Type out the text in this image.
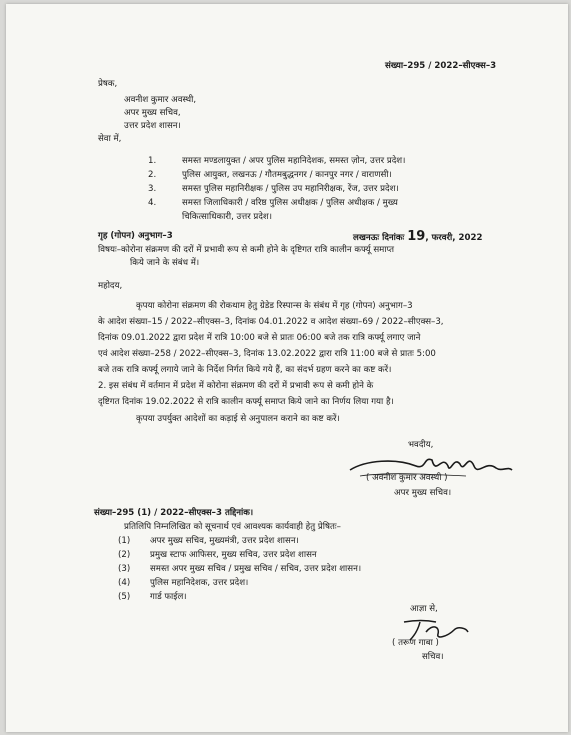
संख्या–295 / 2022–सीएक्स–3
प्रेषक,
अवनीश कुमार अवस्थी,
अपर मुख्य सचिव,
उत्तर प्रदेश शासन।
सेवा में,
1.	समस्त मण्डलायुक्त / अपर पुलिस महानिदेशक, समस्त ज़ोन, उत्तर प्रदेश।
2.	पुलिस आयुक्त, लखनऊ / गौतमबुद्धनगर / कानपुर नगर / वाराणसी।
3.	समस्त पुलिस महानिरीक्षक / पुलिस उप महानिरीक्षक, रेंज, उत्तर प्रदेश।
4.	समस्त जिलाधिकारी / वरिष्ठ पुलिस अधीक्षक / पुलिस अधीक्षक / मुख्य
चिकित्साधिकारी, उत्तर प्रदेश।
गृह (गोपन) अनुभाग–3	लखनऊः दिनांकः 19, फरवरी, 2022
विषयः–कोरोना संक्रमण की दरों में प्रभावी रूप से कमी होने के दृष्टिगत रात्रि कालीन कर्फ्यू समाप्त
किये जाने के संबंध में।
महोदय,
कृपया कोरोना संक्रमण की रोकथाम हेतु ग्रेडेड रिस्पान्स के संबंध में गृह (गोपन) अनुभाग–3
के आदेश संख्या–15 / 2022–सीएक्स–3, दिनांक 04.01.2022 व आदेश संख्या–69 / 2022–सीएक्स–3,
दिनांक 09.01.2022 द्वारा प्रदेश में रात्रि 10:00 बजे से प्रातः 06:00 बजे तक रात्रि कर्फ्यू लगाए जाने
एवं आदेश संख्या–258 / 2022–सीएक्स–3, दिनांक 13.02.2022 द्वारा रात्रि 11:00 बजे से प्रातः 5:00
बजे तक रात्रि कर्फ्यू लगाये जाने के निर्देश निर्गत किये गये हैं, का संदर्भ ग्रहण करने का कष्ट करें।
2. इस संबंध में वर्तमान में प्रदेश में कोरोना संक्रमण की दरों में प्रभावी रूप से कमी होने के
दृष्टिगत दिनांक 19.02.2022 से रात्रि कालीन कर्फ्यू समाप्त किये जाने का निर्णय लिया गया है।
कृपया उपर्युक्त आदेशों का कड़ाई से अनुपालन कराने का कष्ट करें।
भवदीय,
( अवनीश कुमार अवस्थी )
अपर मुख्य सचिव।
संख्या–295 (1) / 2022–सीएक्स–3 तद्दिनांक।
प्रतिलिपि निम्नलिखित को सूचनार्थ एवं आवश्यक कार्यवाही हेतु प्रेषितः–
(1) अपर मुख्य सचिव, मुख्यमंत्री, उत्तर प्रदेश शासन।
(2) प्रमुख स्टाफ आफिसर, मुख्य सचिव, उत्तर प्रदेश शासन
(3) समस्त अपर मुख्य सचिव / प्रमुख सचिव / सचिव, उत्तर प्रदेश शासन।
(4) पुलिस महानिदेशक, उत्तर प्रदेश।
(5) गार्ड फाईल।
आज्ञा से,
( तरूण गाबा )
सचिव।
